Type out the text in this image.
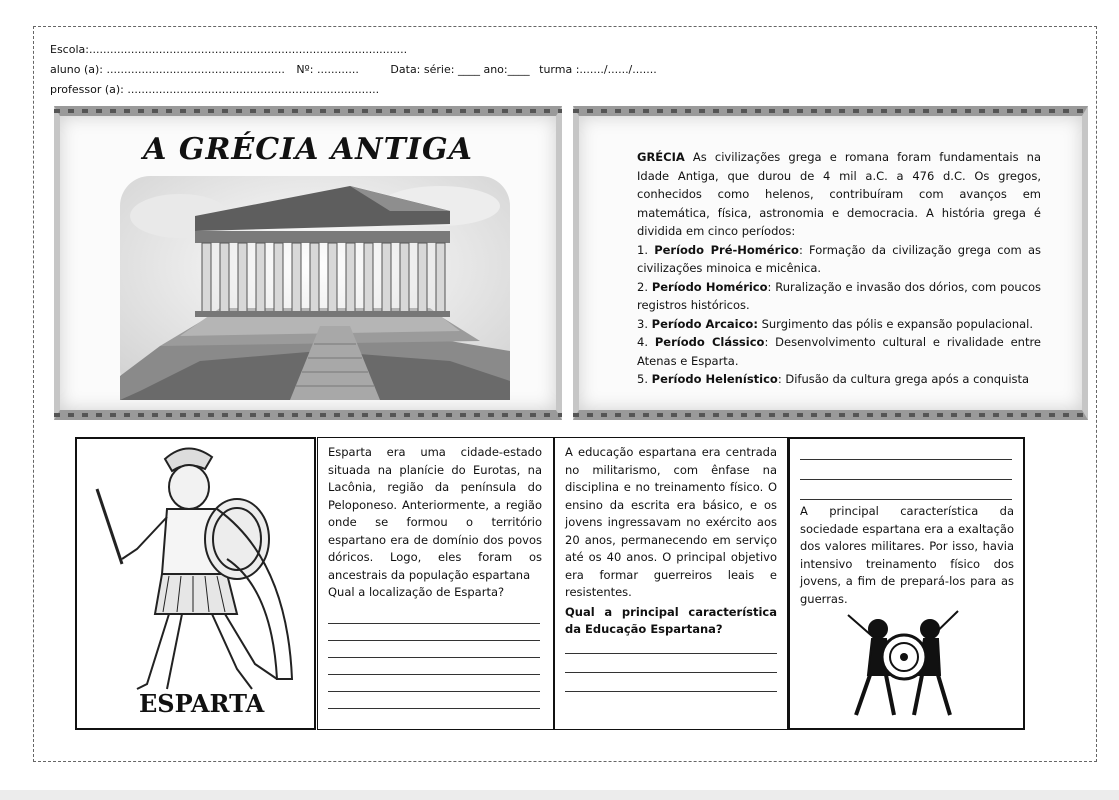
Escola:...........................................................................................
aluno (a): ................................................... Nº: ............	Data: série: ____ ano:____ turma :......./....../.......
professor (a): ........................................................................
A GRÉCIA ANTIGA	GRÉCIA As civilizações grega e romana foram fundamentais na Idade Antiga, que durou de 4 mil a.C. a 476 d.C. Os gregos, conhecidos como helenos, contribuíram com avanços em matemática, física, astronomia e democracia. A história grega é dividida em cinco períodos:

1. Período Pré-Homérico: Formação da civilização grega com as civilizações minoica e micênica.

2. Período Homérico: Ruralização e invasão dos dórios, com poucos registros históricos.

3. Período Arcaico: Surgimento das pólis e expansão populacional.

4. Período Clássico: Desenvolvimento cultural e rivalidade entre Atenas e Esparta.

5. Período Helenístico: Difusão da cultura grega após a conquista

ESPARTA
Esparta era uma cidade-estado situada na planície do Eurotas, na Lacônia, região da península do Peloponeso. Anteriormente, a região onde se formou o território espartano era de domínio dos povos dóricos. Logo, eles foram os ancestrais da população espartana
Qual a localização de Esparta?
A educação espartana era centrada no militarismo, com ênfase na disciplina e no treinamento físico. O ensino da escrita era básico, e os jovens ingressavam no exército aos 20 anos, permanecendo em serviço até os 40 anos. O principal objetivo era formar guerreiros leais e resistentes.
Qual a principal característica da Educação Espartana?
A principal característica da sociedade espartana era a exaltação dos valores militares. Por isso, havia intensivo treinamento físico dos jovens, a fim de prepará-los para as guerras.
